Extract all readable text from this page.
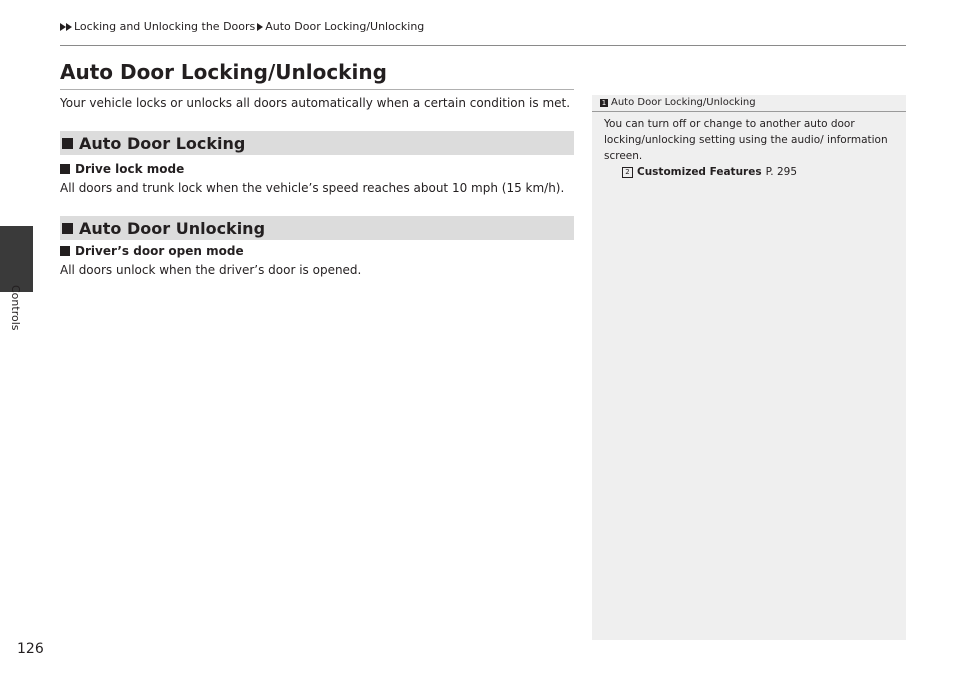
Controls
Locking and Unlocking the Doors Auto Door Locking/Unlocking
Auto Door Locking/Unlocking
Your vehicle locks or unlocks all doors automatically when a certain condition is met.
Auto Door Locking
Drive lock mode
All doors and trunk lock when the vehicle’s speed reaches about 10 mph (15 km/h).
Auto Door Unlocking
Driver’s door open mode
All doors unlock when the driver’s door is opened.
1 Auto Door Locking/Unlocking
You can turn off or change to another auto door locking/unlocking setting using the audio/ information screen.
2 Customized Features P. 295
126
